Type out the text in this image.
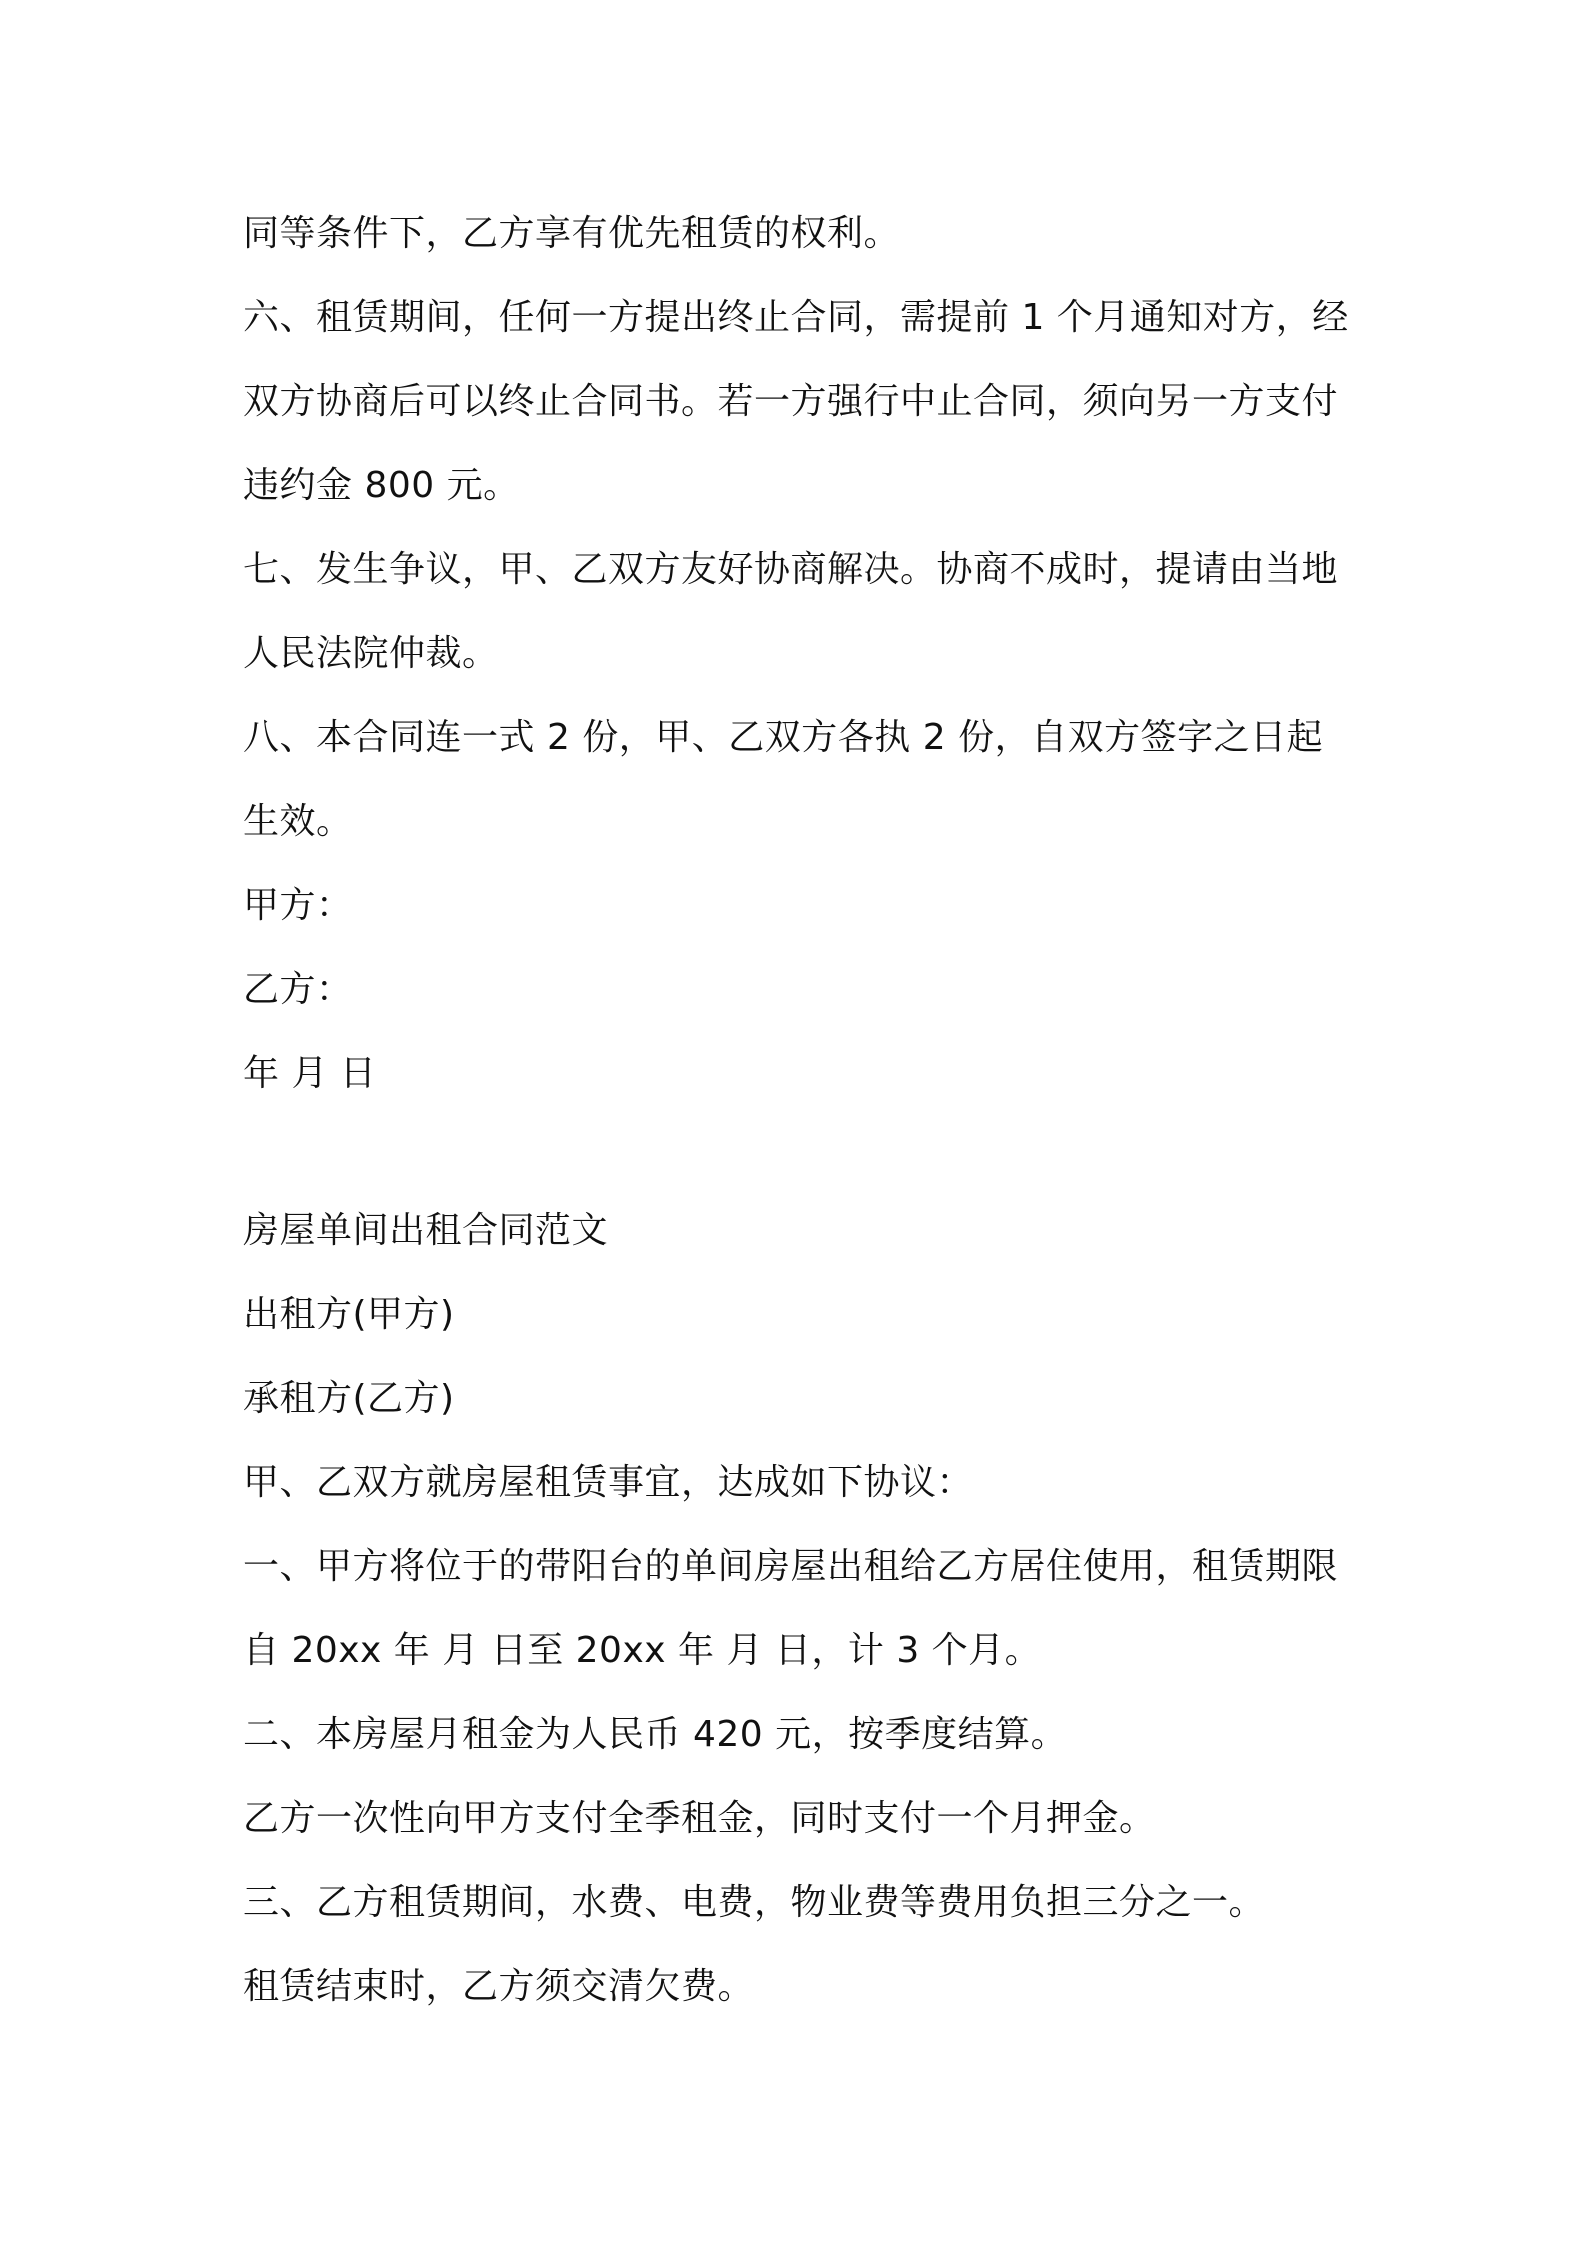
同等条件下，乙方享有优先租赁的权利。
六、租赁期间，任何一方提出终止合同，需提前 1 个月通知对方，经
双方协商后可以终止合同书。若一方强行中止合同，须向另一方支付
违约金 800 元。
七、发生争议，甲、乙双方友好协商解决。协商不成时，提请由当地
人民法院仲裁。
八、本合同连一式 2 份，甲、乙双方各执 2 份，自双方签字之日起
生效。
甲方：
乙方：
年 月 日
房屋单间出租合同范文
出租方(甲方)
承租方(乙方)
甲、乙双方就房屋租赁事宜，达成如下协议：
一、甲方将位于的带阳台的单间房屋出租给乙方居住使用，租赁期限
自 20xx 年 月 日至 20xx 年 月 日，计 3 个月。
二、本房屋月租金为人民币 420 元，按季度结算。
乙方一次性向甲方支付全季租金，同时支付一个月押金。
三、乙方租赁期间，水费、电费，物业费等费用负担三分之一。
租赁结束时，乙方须交清欠费。
